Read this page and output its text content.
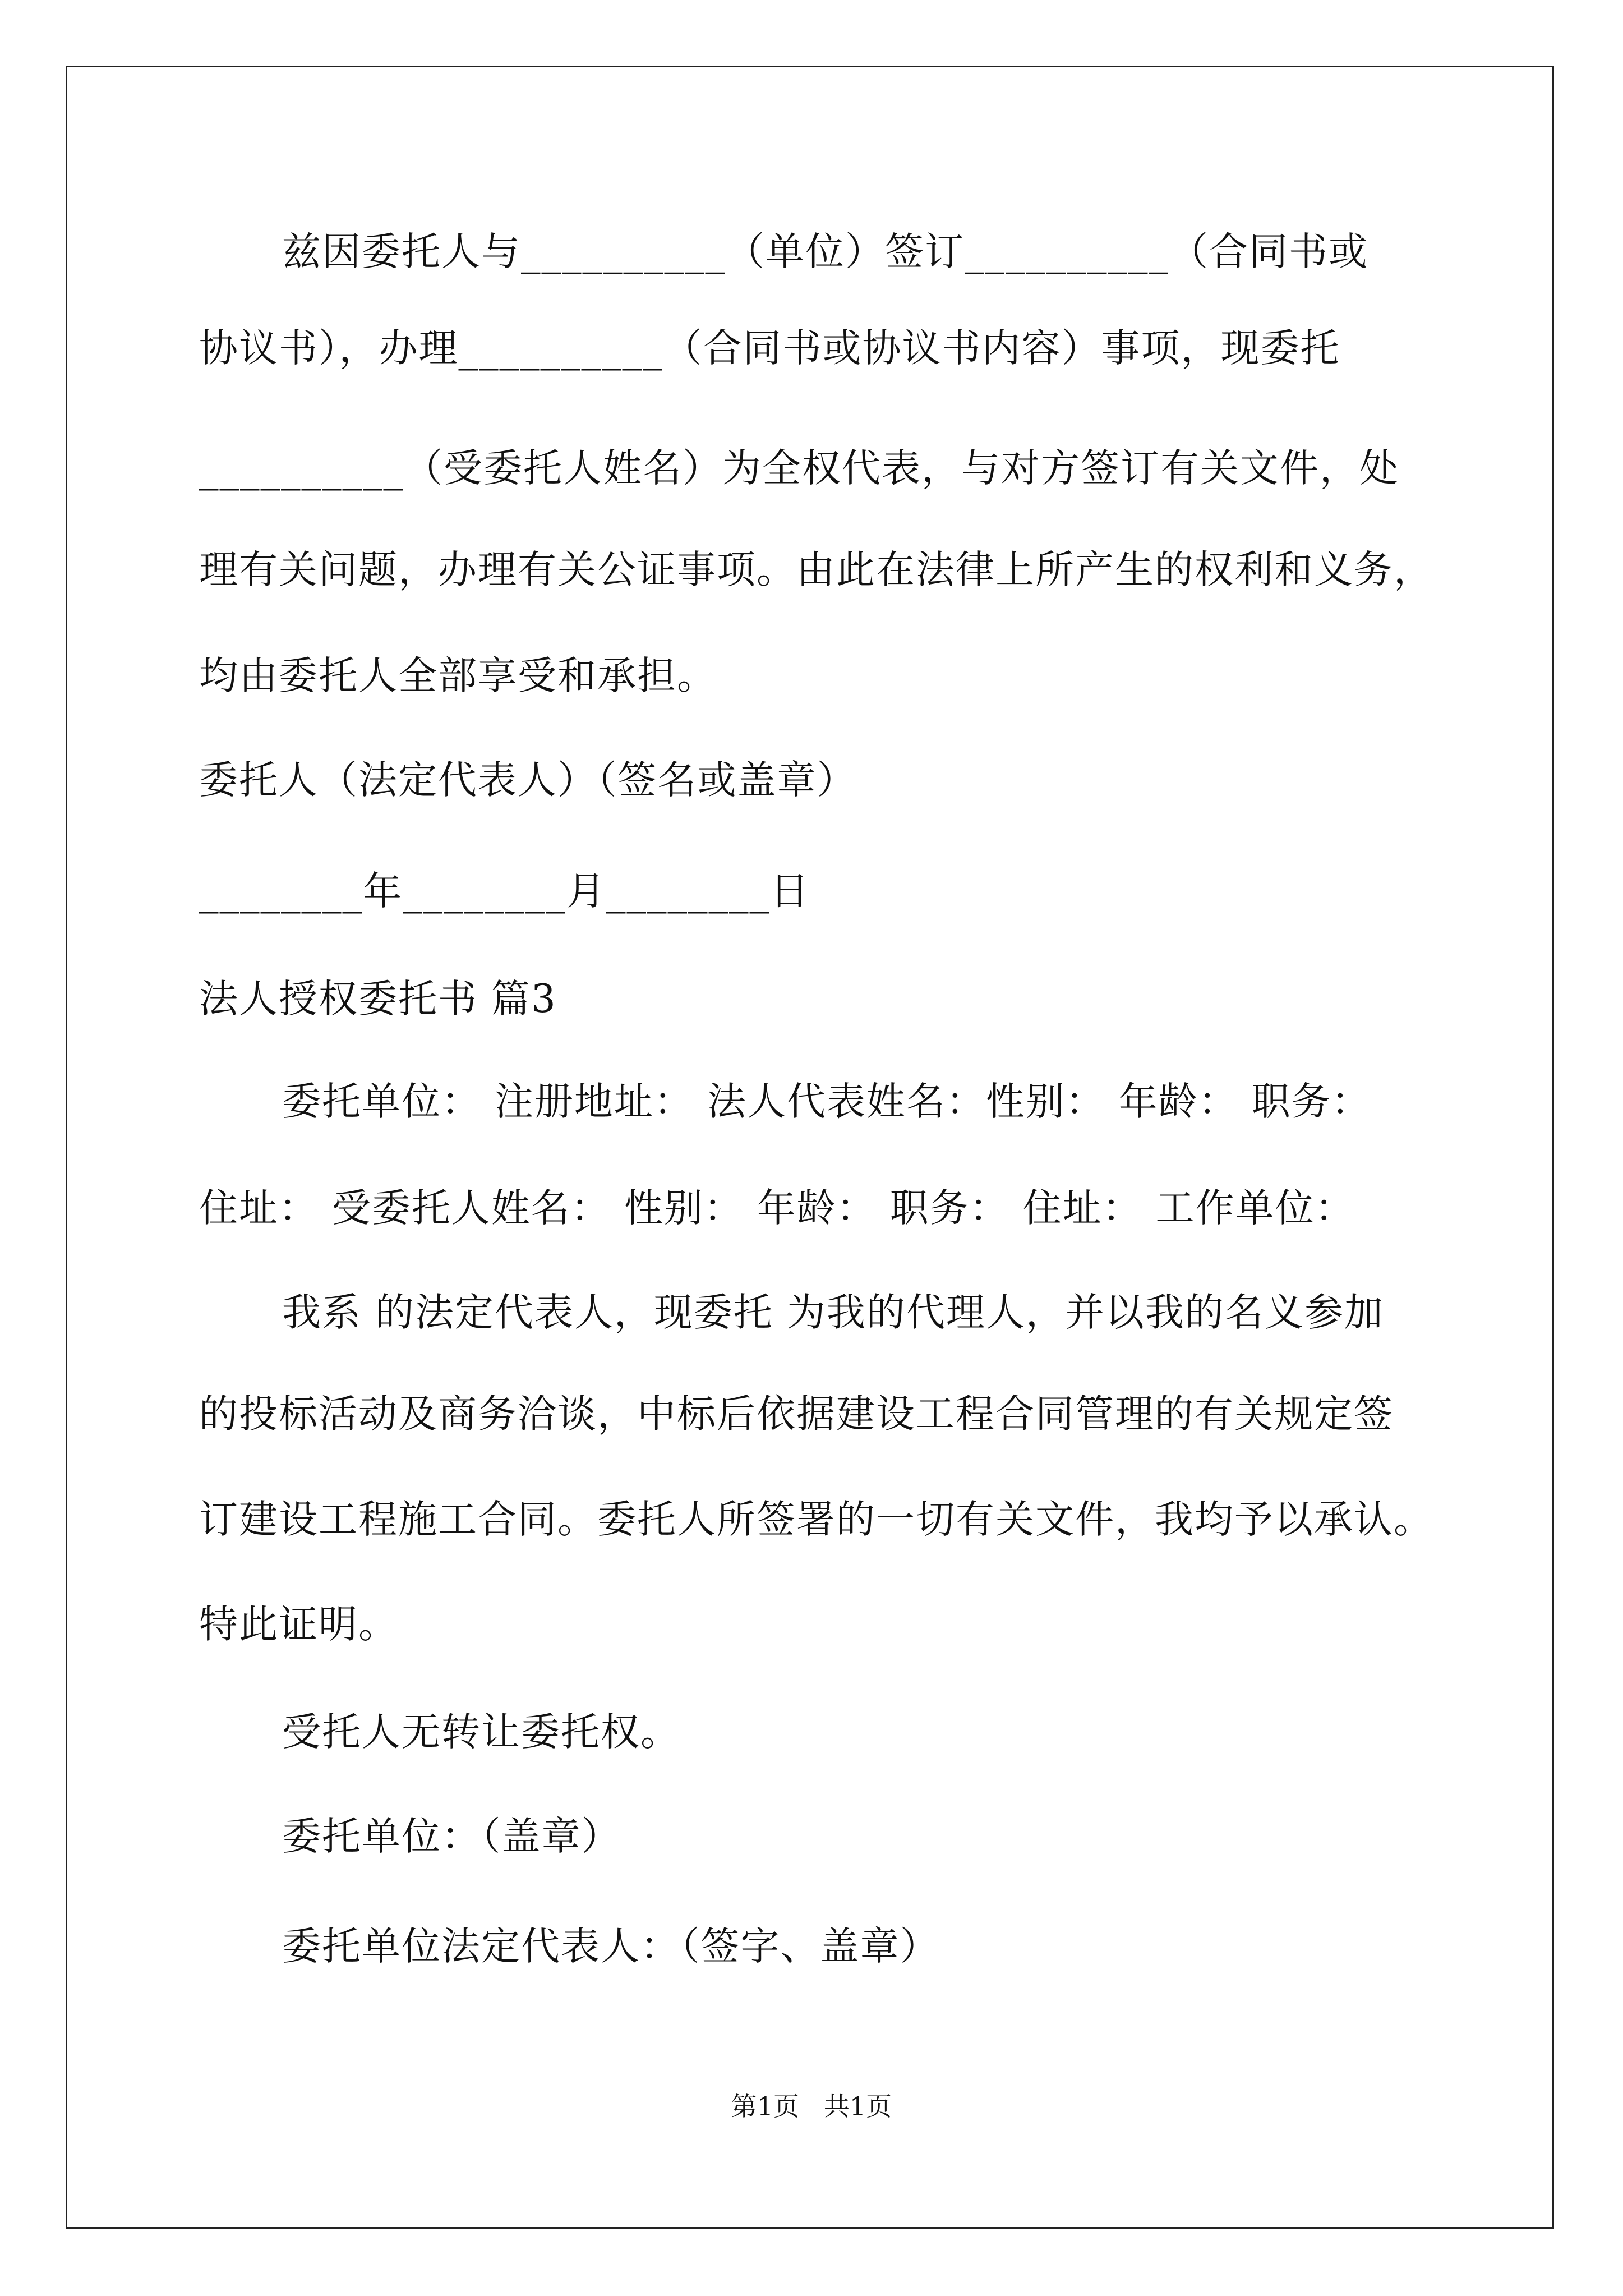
兹因委托人与__________（单位）签订__________（合同书或
协议书），办理__________（合同书或协议书内容）事项，现委托
__________（受委托人姓名）为全权代表，与对方签订有关文件，处
理有关问题，办理有关公证事项。由此在法律上所产生的权利和义务，
均由委托人全部享受和承担。
委托人（法定代表人）（签名或盖章）
________年________月________日
法人授权委托书 篇3
委托单位： 注册地址： 法人代表姓名：性别： 年龄： 职务：
住址： 受委托人姓名： 性别： 年龄： 职务： 住址： 工作单位：
我系 的法定代表人，现委托 为我的代理人，并以我的名义参加
的投标活动及商务洽谈，中标后依据建设工程合同管理的有关规定签
订建设工程施工合同。委托人所签署的一切有关文件，我均予以承认。
特此证明。
受托人无转让委托权。
委托单位：（盖章）
委托单位法定代表人：（签字、盖章）
第1页   共1页
